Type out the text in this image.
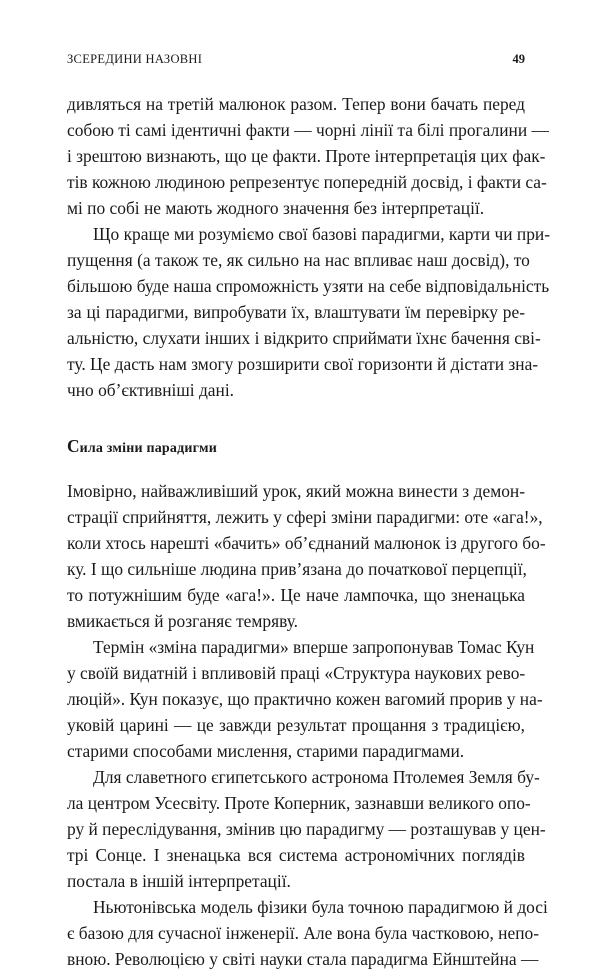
ЗСЕРЕДИНИ НАЗОВНІ	49

дивляться на третій малюнок разом. Тепер вони бачать перед
собою ті самі ідентичні факти — чорні лінії та білі прогалини —
і зрештою визнають, що це факти. Проте інтерпретація цих фак-
тів кожною людиною репрезентує попередній досвід, і факти са-
мі по собі не мають жодного значення без інтерпретації.

Що краще ми розуміємо свої базові парадигми, карти чи при-
пущення (а також те, як сильно на нас впливає наш досвід), то
більшою буде наша спроможність узяти на себе відповідальність
за ці парадигми, випробувати їх, влаштувати їм перевірку ре-
альністю, слухати інших і відкрито сприймати їхнє бачення сві-
ту. Це дасть нам змогу розширити свої горизонти й дістати зна-
чно об’єктивніші дані.

Сила зміни парадигми

Імовірно, найважливіший урок, який можна винести з демон-
страції сприйняття, лежить у сфері зміни парадигми: оте «ага!»,
коли хтось нарешті «бачить» об’єднаний малюнок із другого бо-
ку. І що сильніше людина прив’язана до початкової перцепції,
то потужнішим буде «ага!». Це наче лампочка, що зненацька
вмикається й розганяє темряву.

Термін «зміна парадигми» вперше запропонував Томас Кун
у своїй видатній і впливовій праці «Структура наукових рево-
люцій». Кун показує, що практично кожен вагомий прорив у на-
уковій царині — це завжди результат прощання з традицією,
старими способами мислення, старими парадигмами.

Для славетного єгипетського астронома Птолемея Земля бу-
ла центром Усесвіту. Проте Коперник, зазнавши великого опо-
ру й переслідування, змінив цю парадигму — розташував у цен-
трі Сонце. І зненацька вся система астрономічних поглядів
постала в іншій інтерпретації.

Ньютонівська модель фізики була точною парадигмою й досі
є базою для сучасної інженерії. Але вона була частковою, непо-
вною. Революцією у світі науки стала парадигма Ейнштейна —
